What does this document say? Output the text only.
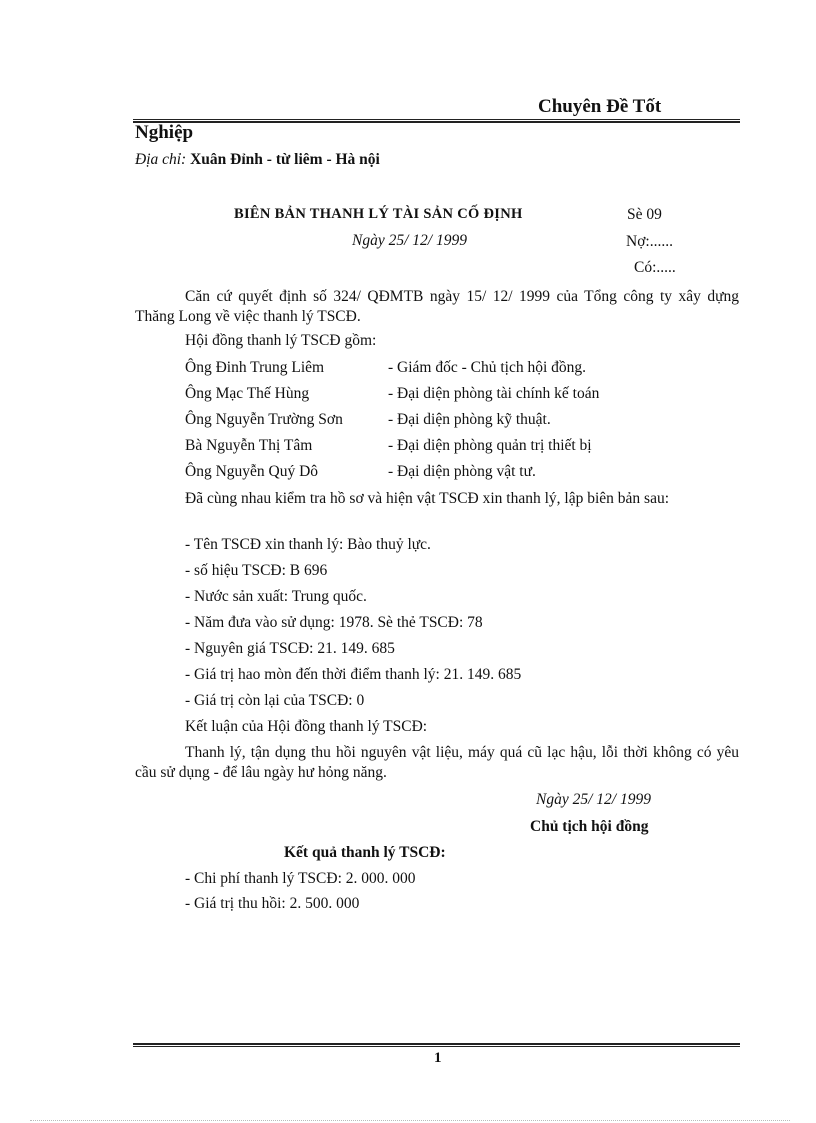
Chuyên Đề Tốt
Nghiệp
Địa chỉ: Xuân Đỉnh - từ liêm - Hà nội
BIÊN BẢN THANH LÝ TÀI SẢN CỐ ĐỊNH	Sè 09
Ngày 25/ 12/ 1999	Nợ:......
Có:.....
Căn cứ quyết định số 324/ QĐMTB ngày 15/ 12/ 1999 của Tổng công ty xây dựng Thăng Long về việc thanh lý TSCĐ.
Hội đồng thanh lý TSCĐ gồm:
Ông Đinh Trung Liêm	- Giám đốc - Chủ tịch hội đồng.
Ông Mạc Thế Hùng	- Đại diện phòng tài chính kế toán
Ông Nguyễn Trường Sơn	- Đại diện phòng kỹ thuật.
Bà Nguyễn Thị Tâm	- Đại diện phòng quản trị thiết bị
Ông Nguyễn Quý Dô	- Đại diện phòng vật tư.
Đã cùng nhau kiểm tra hồ sơ và hiện vật TSCĐ xin thanh lý, lập biên bản sau:
- Tên TSCĐ xin thanh lý: Bào thuỷ lực.
- số hiệu TSCĐ: B 696
- Nước sản xuất: Trung quốc.
- Năm đưa vào sử dụng: 1978. Sè thẻ TSCĐ: 78
- Nguyên giá TSCĐ: 21. 149. 685
- Giá trị hao mòn đến thời điểm thanh lý: 21. 149. 685
- Giá trị còn lại của TSCĐ: 0
Kết luận của Hội đồng thanh lý TSCĐ:
Thanh lý, tận dụng thu hồi nguyên vật liệu, máy quá cũ lạc hậu, lỗi thời không có yêu cầu sử dụng - để lâu ngày hư hỏng năng.
Ngày 25/ 12/ 1999
Chủ tịch hội đồng
Kết quả thanh lý TSCĐ:
- Chi phí thanh lý TSCĐ: 2. 000. 000
- Giá trị thu hồi: 2. 500. 000
1
